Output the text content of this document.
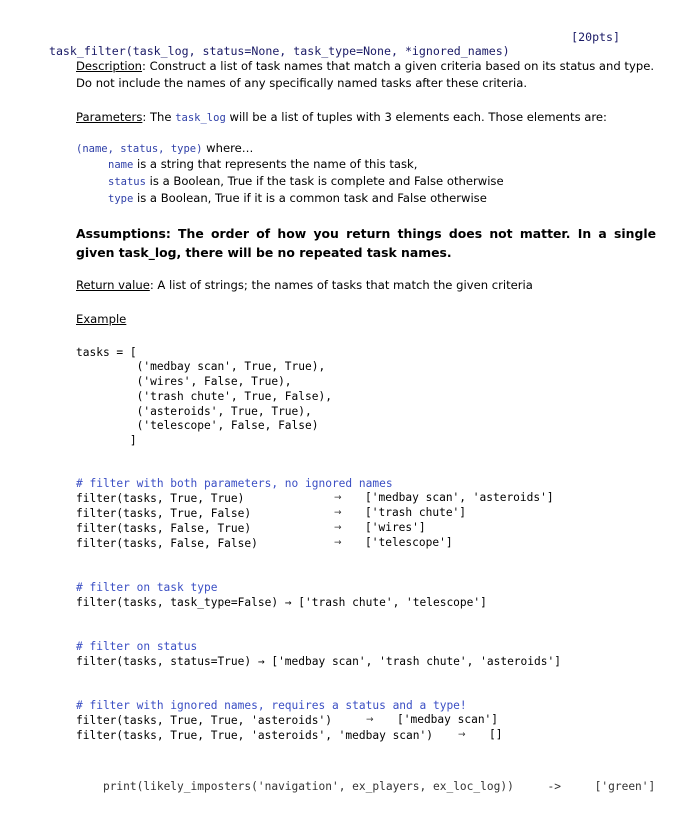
task_filter(task_log, status=None, task_type=None, *ignored_names)

[20pts]

Description: Construct a list of task names that match a given criteria based on its status and type. Do not include the names of any specifically named tasks after these criteria.
Parameters: The task_log will be a list of tuples with 3 elements each. Those elements are:
(name, status, type) where…
name is a string that represents the name of this task,
status is a Boolean, True if the task is complete and False otherwise
type is a Boolean, True if it is a common task and False otherwise
Assumptions: The order of how you return things does not matter. In a single given task_log, there will be no repeated task names.
Return value: A list of strings; the names of tasks that match the given criteria
Example
tasks = [
('medbay scan', True, True),
('wires', False, True),
('trash chute', True, False),
('asteroids', True, True),
('telescope', False, False)
]
# filter with both parameters, no ignored names
filter(tasks, True, True)	→ ['medbay scan', 'asteroids']
filter(tasks, True, False)	→ ['trash chute']
filter(tasks, False, True)	→ ['wires']
filter(tasks, False, False)	→ ['telescope']
# filter on task type
filter(tasks, task_type=False) → ['trash chute', 'telescope']
# filter on status
filter(tasks, status=True) → ['medbay scan', 'trash chute', 'asteroids']
# filter with ignored names, requires a status and a type!
filter(tasks, True, True, 'asteroids')	→ ['medbay scan']
filter(tasks, True, True, 'asteroids', 'medbay scan')	→ []

print(likely_imposters('navigation', ex_players, ex_loc_log))     ->     ['green']
